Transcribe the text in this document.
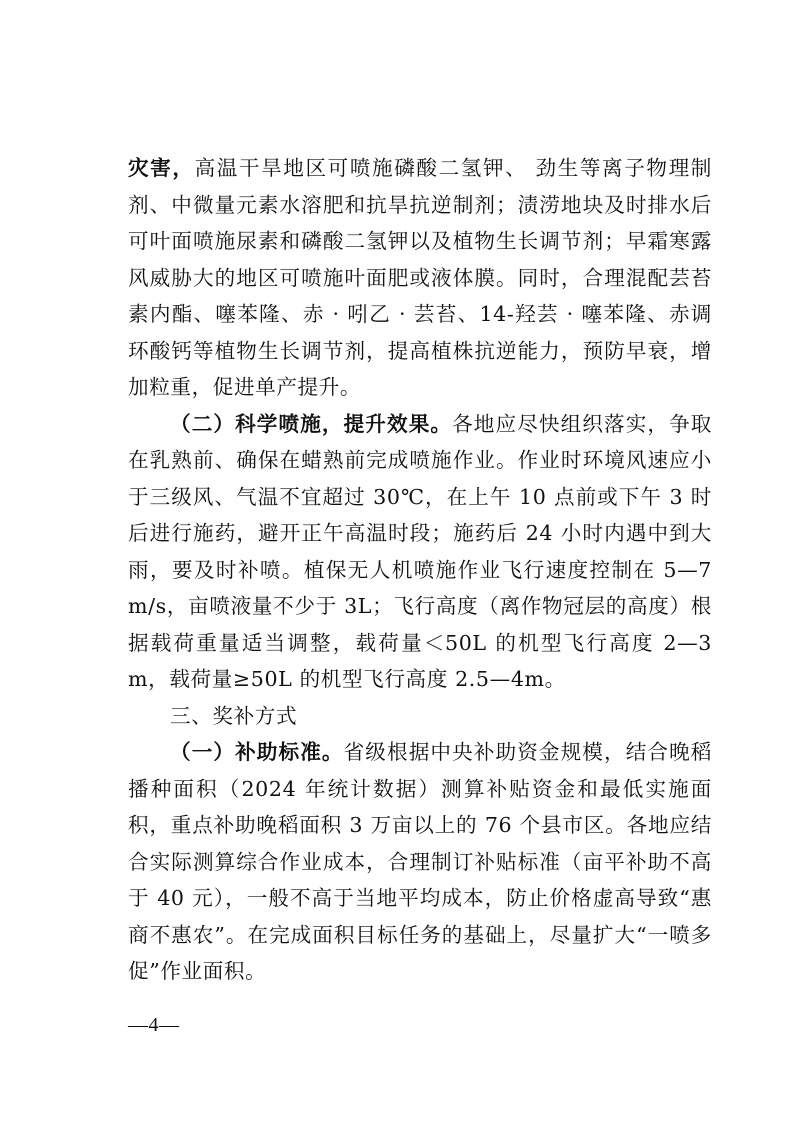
灾害，高温干旱地区可喷施磷酸二氢钾、 劲生等离子物理制剂、中微量元素水溶肥和抗旱抗逆制剂；渍涝地块及时排水后可叶面喷施尿素和磷酸二氢钾以及植物生长调节剂；早霜寒露风威胁大的地区可喷施叶面肥或液体膜。同时，合理混配芸苔素内酯、噻苯隆、赤 · 吲乙 · 芸苔、14-羟芸 · 噻苯隆、赤调环酸钙等植物生长调节剂，提高植株抗逆能力，预防早衰，增加粒重，促进单产提升。

（二）科学喷施，提升效果。各地应尽快组织落实，争取在乳熟前、确保在蜡熟前完成喷施作业。作业时环境风速应小于三级风、气温不宜超过 30℃，在上午 10 点前或下午 3 时后进行施药，避开正午高温时段；施药后 24 小时内遇中到大雨，要及时补喷。植保无人机喷施作业飞行速度控制在 5—7m/s，亩喷液量不少于 3L；飞行高度（离作物冠层的高度）根据载荷重量适当调整，载荷量＜50L 的机型飞行高度 2—3m，载荷量≥50L 的机型飞行高度 2.5—4m。

三、奖补方式

（一）补助标准。省级根据中央补助资金规模，结合晚稻播种面积（2024 年统计数据）测算补贴资金和最低实施面积，重点补助晚稻面积 3 万亩以上的 76 个县市区。各地应结合实际测算综合作业成本，合理制订补贴标准（亩平补助不高于 40 元），一般不高于当地平均成本，防止价格虚高导致“惠商不惠农”。在完成面积目标任务的基础上，尽量扩大“一喷多促”作业面积。

—4—
